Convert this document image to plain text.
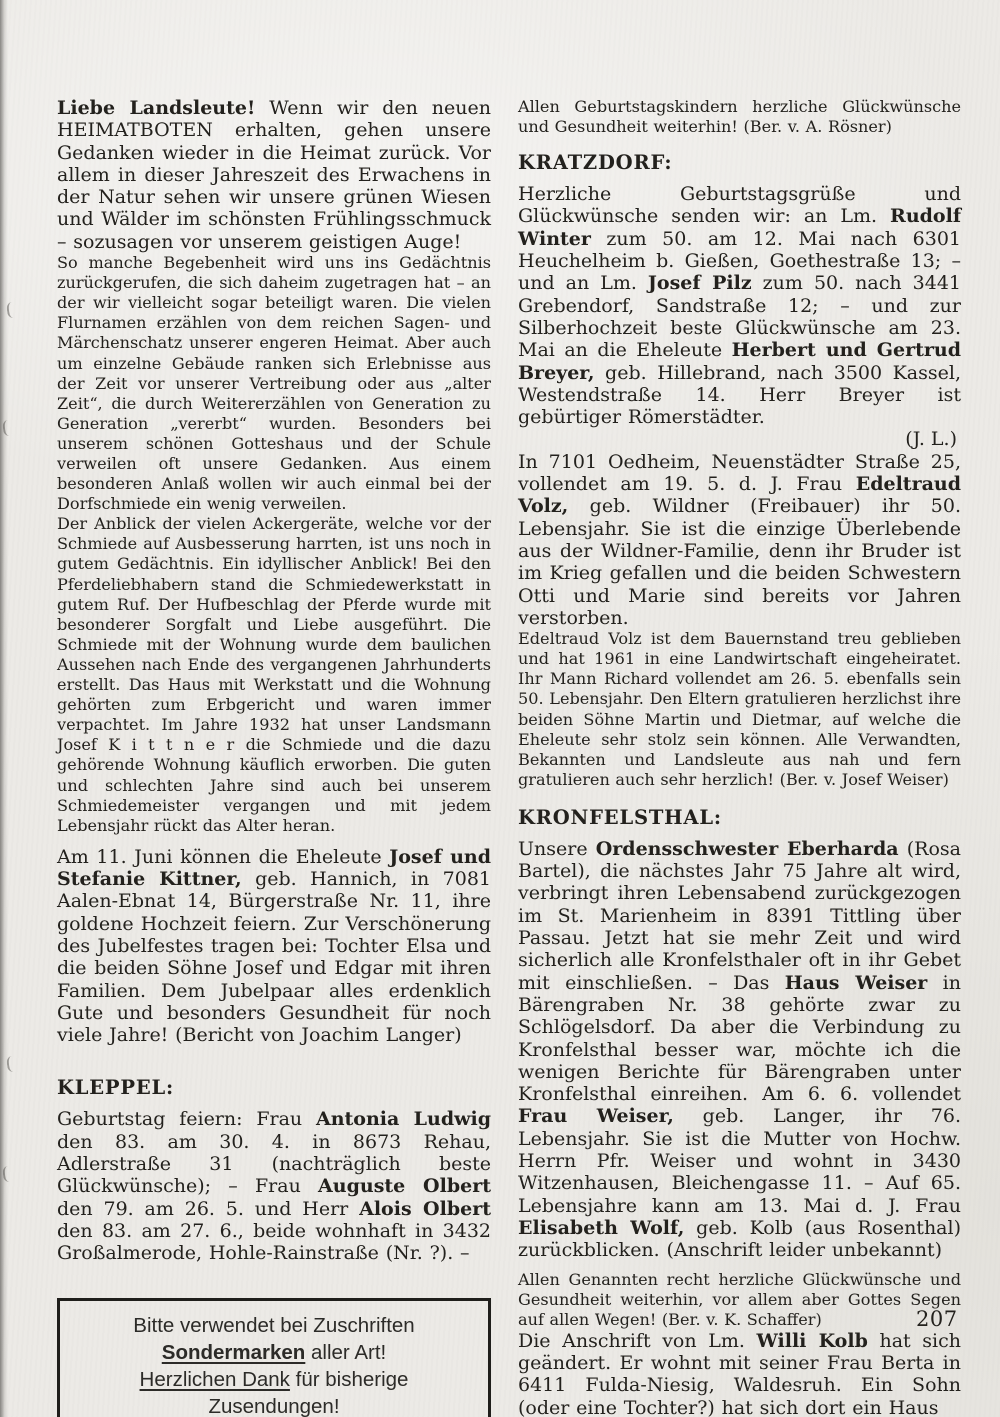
Liebe Landsleute! Wenn wir den neuen HEIMATBOTEN erhalten, gehen unsere Gedanken wieder in die Heimat zurück. Vor allem in dieser Jahreszeit des Erwachens in der Natur sehen wir unsere grünen Wiesen und Wälder im schönsten Frühlingsschmuck – sozusagen vor unserem geistigen Auge!

So manche Begebenheit wird uns ins Gedächtnis zurückgerufen, die sich daheim zugetragen hat – an der wir vielleicht sogar beteiligt waren. Die vielen Flurnamen erzählen von dem reichen Sagen- und Märchenschatz unserer engeren Heimat. Aber auch um einzelne Gebäude ranken sich Erlebnisse aus der Zeit vor unserer Vertreibung oder aus „alter Zeit“, die durch Weitererzählen von Generation zu Generation „vererbt“ wurden. Besonders bei unserem schönen Gotteshaus und der Schule verweilen oft unsere Gedanken. Aus einem besonderen Anlaß wollen wir auch einmal bei der Dorfschmiede ein wenig verweilen.

Der Anblick der vielen Ackergeräte, welche vor der Schmiede auf Ausbesserung harrten, ist uns noch in gutem Gedächtnis. Ein idyllischer Anblick! Bei den Pferdeliebhabern stand die Schmiedewerkstatt in gutem Ruf. Der Hufbeschlag der Pferde wurde mit besonderer Sorgfalt und Liebe ausgeführt. Die Schmiede mit der Wohnung wurde dem baulichen Aussehen nach Ende des vergangenen Jahrhunderts erstellt. Das Haus mit Werkstatt und die Wohnung gehörten zum Erbgericht und waren immer verpachtet. Im Jahre 1932 hat unser Landsmann Josef K i t t n e r die Schmiede und die dazu gehörende Wohnung käuflich erworben. Die guten und schlechten Jahre sind auch bei unserem Schmiedemeister vergangen und mit jedem Lebensjahr rückt das Alter heran.

Am 11. Juni können die Eheleute Josef und Stefanie Kittner, geb. Hannich, in 7081 Aalen-Ebnat 14, Bürgerstraße Nr. 11, ihre goldene Hochzeit feiern. Zur Verschönerung des Jubelfestes tragen bei: Tochter Elsa und die beiden Söhne Josef und Edgar mit ihren Familien. Dem Jubelpaar alles erdenklich Gute und besonders Gesundheit für noch viele Jahre! (Bericht von Joachim Langer)

KLEPPEL:

Geburtstag feiern: Frau Antonia Ludwig den 83. am 30. 4. in 8673 Rehau, Adlerstraße 31 (nachträglich beste Glückwünsche); – Frau Auguste Olbert den 79. am 26. 5. und Herr Alois Olbert den 83. am 27. 6., beide wohnhaft in 3432 Großalmerode, Hohle-Rainstraße (Nr. ?). –

Bitte verwendet bei Zuschriften

Sondermarken aller Art!

Herzlichen Dank für bisherige

Zusendungen!

Allen Geburtstagskindern herzliche Glückwünsche und Gesundheit weiterhin! (Ber. v. A. Rösner)

KRATZDORF:

Herzliche Geburtstagsgrüße und Glückwünsche senden wir: an Lm. Rudolf Winter zum 50. am 12. Mai nach 6301 Heuchelheim b. Gießen, Goethestraße 13; – und an Lm. Josef Pilz zum 50. nach 3441 Grebendorf, Sandstraße 12; – und zur Silberhochzeit beste Glückwünsche am 23. Mai an die Eheleute Herbert und Gertrud Breyer, geb. Hillebrand, nach 3500 Kassel, Westendstraße 14. Herr Breyer ist gebürtiger Römerstädter.

(J. L.)

In 7101 Oedheim, Neuenstädter Straße 25, vollendet am 19. 5. d. J. Frau Edeltraud Volz, geb. Wildner (Freibauer) ihr 50. Lebensjahr. Sie ist die einzige Überlebende aus der Wildner-Familie, denn ihr Bruder ist im Krieg gefallen und die beiden Schwestern Otti und Marie sind bereits vor Jahren verstorben.

Edeltraud Volz ist dem Bauernstand treu geblieben und hat 1961 in eine Landwirtschaft eingeheiratet. Ihr Mann Richard vollendet am 26. 5. ebenfalls sein 50. Lebensjahr. Den Eltern gratulieren herzlichst ihre beiden Söhne Martin und Dietmar, auf welche die Eheleute sehr stolz sein können. Alle Verwandten, Bekannten und Landsleute aus nah und fern gratulieren auch sehr herzlich! (Ber. v. Josef Weiser)

KRONFELSTHAL:

Unsere Ordensschwester Eberharda (Rosa Bartel), die nächstes Jahr 75 Jahre alt wird, verbringt ihren Lebensabend zurückgezogen im St. Marienheim in 8391 Tittling über Passau. Jetzt hat sie mehr Zeit und wird sicherlich alle Kronfelsthaler oft in ihr Gebet mit einschließen. – Das Haus Weiser in Bärengraben Nr. 38 gehörte zwar zu Schlögelsdorf. Da aber die Verbindung zu Kronfelsthal besser war, möchte ich die wenigen Berichte für Bärengraben unter Kronfelsthal einreihen. Am 6. 6. vollendet Frau Weiser, geb. Langer, ihr 76. Lebensjahr. Sie ist die Mutter von Hochw. Herrn Pfr. Weiser und wohnt in 3430 Witzenhausen, Bleichengasse 11. – Auf 65. Lebensjahre kann am 13. Mai d. J. Frau Elisabeth Wolf, geb. Kolb (aus Rosenthal) zurückblicken. (Anschrift leider unbekannt)

Allen Genannten recht herzliche Glückwünsche und Gesundheit weiterhin, vor allem aber Gottes Segen auf allen Wegen! (Ber. v. K. Schaffer)

Die Anschrift von Lm. Willi Kolb hat sich geändert. Er wohnt mit seiner Frau Berta in 6411 Fulda-Niesig, Waldesruh. Ein Sohn (oder eine Tochter?) hat sich dort ein Haus

207
